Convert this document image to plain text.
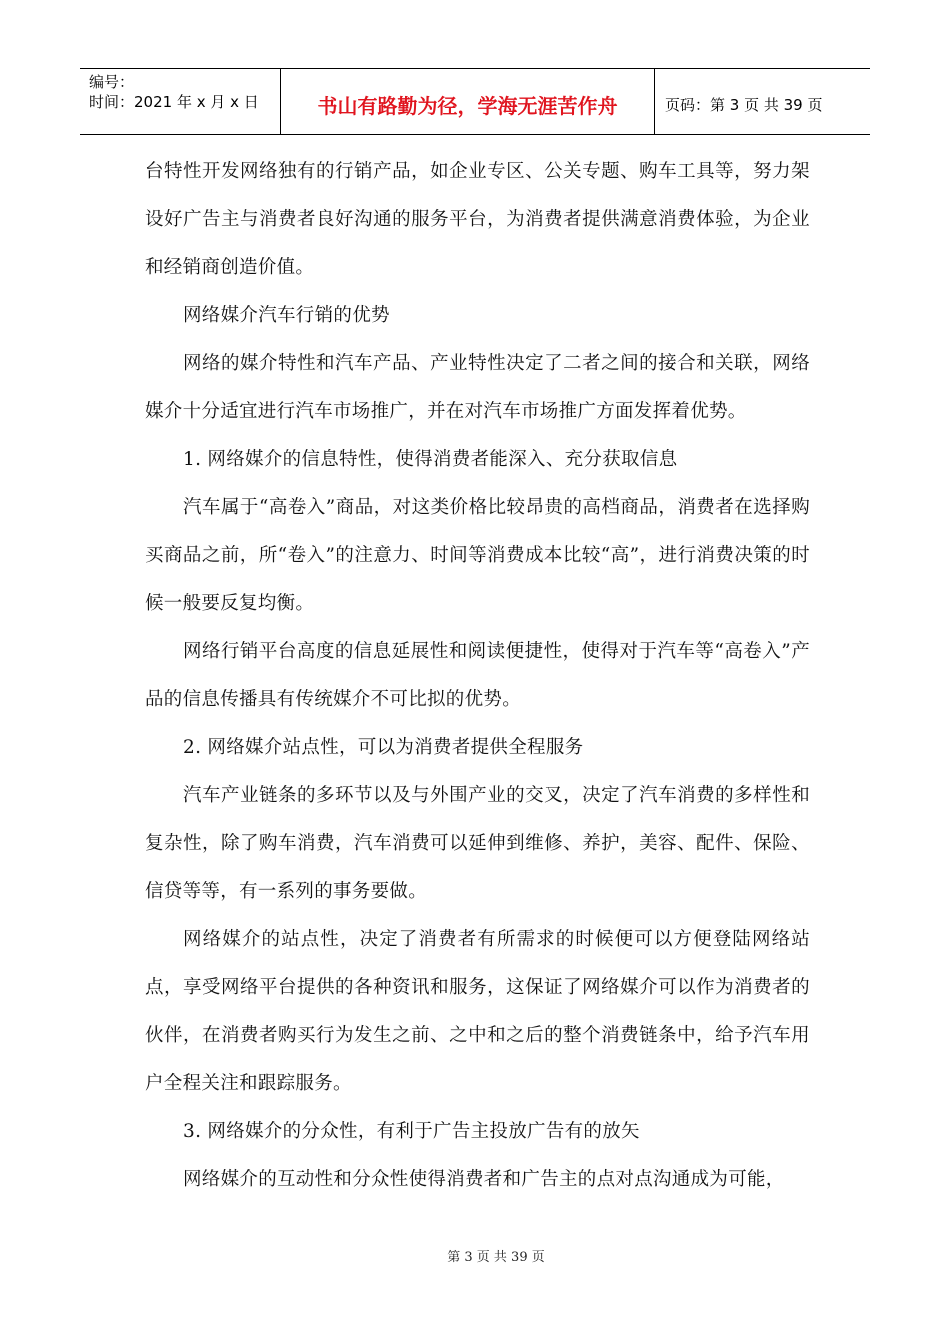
编号：
时间：2021 年 x 月 x 日	书山有路勤为径，学海无涯苦作舟	页码：第 3 页 共 39 页

台特性开发网络独有的行销产品，如企业专区、公关专题、购车工具等，努力架设好广告主与消费者良好沟通的服务平台，为消费者提供满意消费体验，为企业和经销商创造价值。

网络媒介汽车行销的优势

网络的媒介特性和汽车产品、产业特性决定了二者之间的接合和关联，网络媒介十分适宜进行汽车市场推广，并在对汽车市场推广方面发挥着优势。

1. 网络媒介的信息特性，使得消费者能深入、充分获取信息

汽车属于“高卷入”商品，对这类价格比较昂贵的高档商品，消费者在选择购买商品之前，所“卷入”的注意力、时间等消费成本比较“高”，进行消费决策的时候一般要反复均衡。

网络行销平台高度的信息延展性和阅读便捷性，使得对于汽车等“高卷入”产品的信息传播具有传统媒介不可比拟的优势。

2. 网络媒介站点性，可以为消费者提供全程服务

汽车产业链条的多环节以及与外围产业的交叉，决定了汽车消费的多样性和复杂性，除了购车消费，汽车消费可以延伸到维修、养护，美容、配件、保险、信贷等等，有一系列的事务要做。

网络媒介的站点性，决定了消费者有所需求的时候便可以方便登陆网络站点，享受网络平台提供的各种资讯和服务，这保证了网络媒介可以作为消费者的伙伴，在消费者购买行为发生之前、之中和之后的整个消费链条中，给予汽车用户全程关注和跟踪服务。

3. 网络媒介的分众性，有利于广告主投放广告有的放矢

网络媒介的互动性和分众性使得消费者和广告主的点对点沟通成为可能，

第 3 页 共 39 页
